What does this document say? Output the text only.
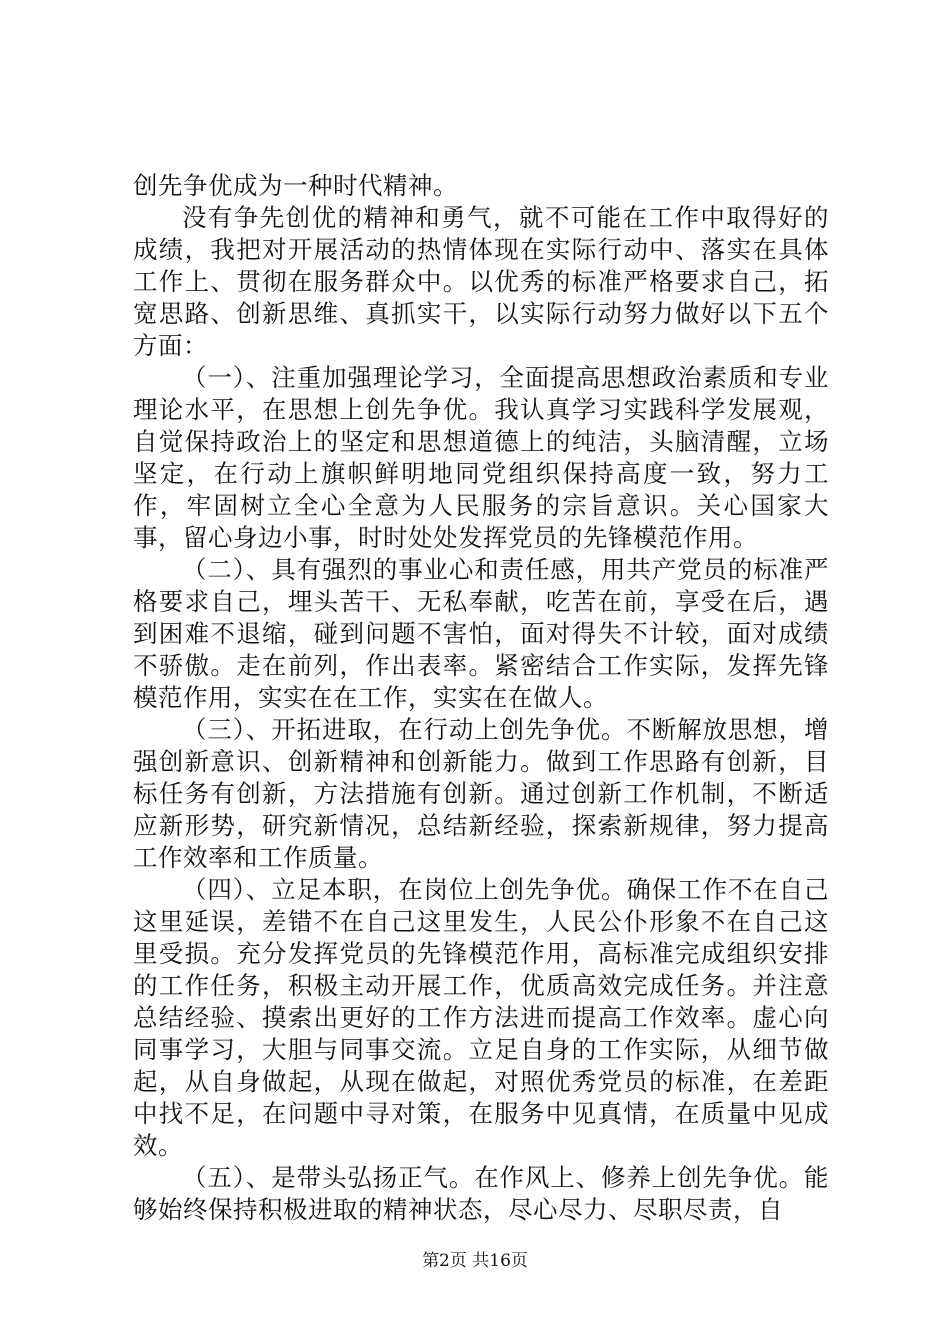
创先争优成为一种时代精神。

没有争先创优的精神和勇气，就不可能在工作中取得好的成绩，我把对开展活动的热情体现在实际行动中、落实在具体工作上、贯彻在服务群众中。以优秀的标准严格要求自己，拓宽思路、创新思维、真抓实干，以实际行动努力做好以下五个方面：

（一）、注重加强理论学习，全面提高思想政治素质和专业理论水平，在思想上创先争优。我认真学习实践科学发展观，自觉保持政治上的坚定和思想道德上的纯洁，头脑清醒，立场坚定，在行动上旗帜鲜明地同党组织保持高度一致，努力工作，牢固树立全心全意为人民服务的宗旨意识。关心国家大事，留心身边小事，时时处处发挥党员的先锋模范作用。

（二）、具有强烈的事业心和责任感，用共产党员的标准严格要求自己，埋头苦干、无私奉献，吃苦在前，享受在后，遇到困难不退缩，碰到问题不害怕，面对得失不计较，面对成绩不骄傲。走在前列，作出表率。紧密结合工作实际，发挥先锋模范作用，实实在在工作，实实在在做人。

（三）、开拓进取，在行动上创先争优。不断解放思想，增强创新意识、创新精神和创新能力。做到工作思路有创新，目标任务有创新，方法措施有创新。通过创新工作机制，不断适应新形势，研究新情况，总结新经验，探索新规律，努力提高工作效率和工作质量。

（四）、立足本职，在岗位上创先争优。确保工作不在自己这里延误，差错不在自己这里发生，人民公仆形象不在自己这里受损。充分发挥党员的先锋模范作用，高标准完成组织安排的工作任务，积极主动开展工作，优质高效完成任务。并注意总结经验、摸索出更好的工作方法进而提高工作效率。虚心向同事学习，大胆与同事交流。立足自身的工作实际，从细节做起，从自身做起，从现在做起，对照优秀党员的标准，在差距中找不足，在问题中寻对策，在服务中见真情，在质量中见成效。

（五）、是带头弘扬正气。在作风上、修养上创先争优。能够始终保持积极进取的精神状态，尽心尽力、尽职尽责，自

第2页 共16页
